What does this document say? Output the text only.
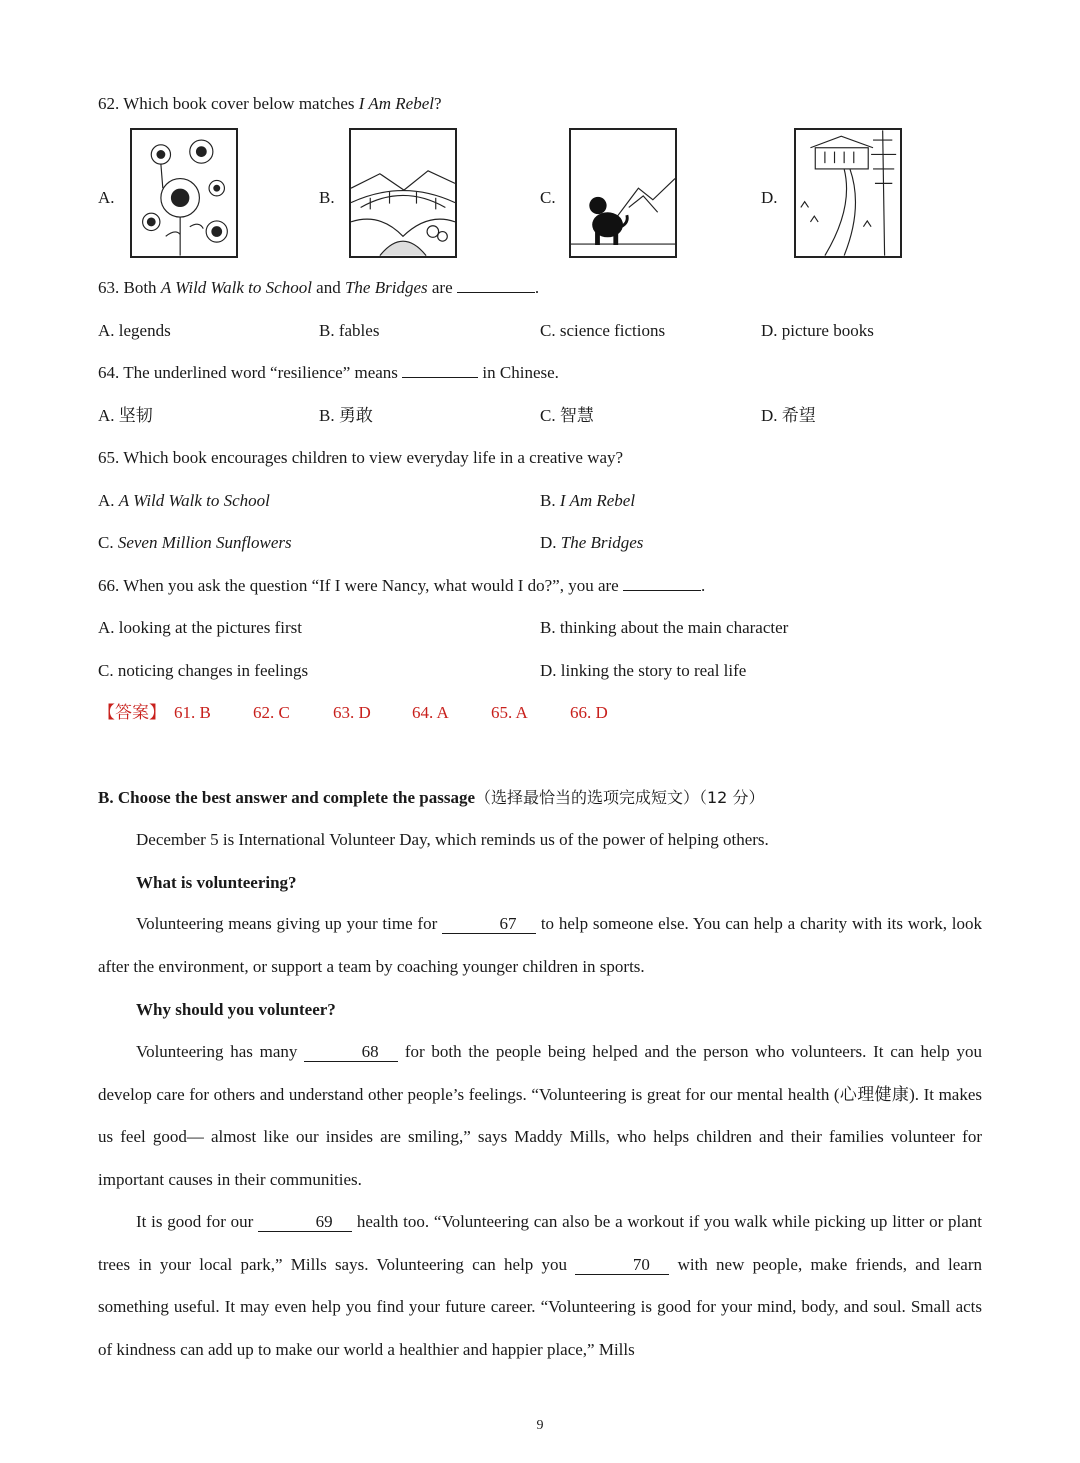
62. Which book cover below matches I Am Rebel?
A.	B.	C.	D.
63. Both A Wild Walk to School and The Bridges are	.
A. legends	B. fables	C. science fictions	D. picture books
64. The underlined word “resilience” means	in Chinese.
A. 坚韧	B. 勇敢	C. 智慧	D. 希望
65. Which book encourages children to view everyday life in a creative way?
A. A Wild Walk to School	B. I Am Rebel
C. Seven Million Sunflowers	D. The Bridges
66. When you ask the question “If I were Nancy, what would I do?”, you are	.
A. looking at the pictures first	B. thinking about the main character
C. noticing changes in feelings	D. linking the story to real life
【答案】 61. B 62. C	63. D 64. A 65. A 66. D
B. Choose the best answer and complete the passage（选择最恰当的选项完成短文）（12 分）
December 5 is International Volunteer Day, which reminds us of the power of helping others.
What is volunteering?
Volunteering means giving up your time for	67 to help someone else. You can help a charity with its work, look after the environment, or support a team by coaching younger children in sports.
Why should you volunteer?
Volunteering has many	68 for both the people being helped and the person who volunteers. It can help you develop care for others and understand other people’s feelings. “Volunteering is great for our mental health (心理健康). It makes us feel good— almost like our insides are smiling,” says Maddy Mills, who helps children and their families volunteer for important causes in their communities.
It is good for our	69 health too. “Volunteering can also be a workout if you walk while picking up litter or plant trees in your local park,” Mills says. Volunteering can help you	70 with new people, make friends, and learn something useful. It may even help you find your future career. “Volunteering is good for your mind, body, and soul. Small acts of kindness can add up to make our world a healthier and happier place,” Mills
9
